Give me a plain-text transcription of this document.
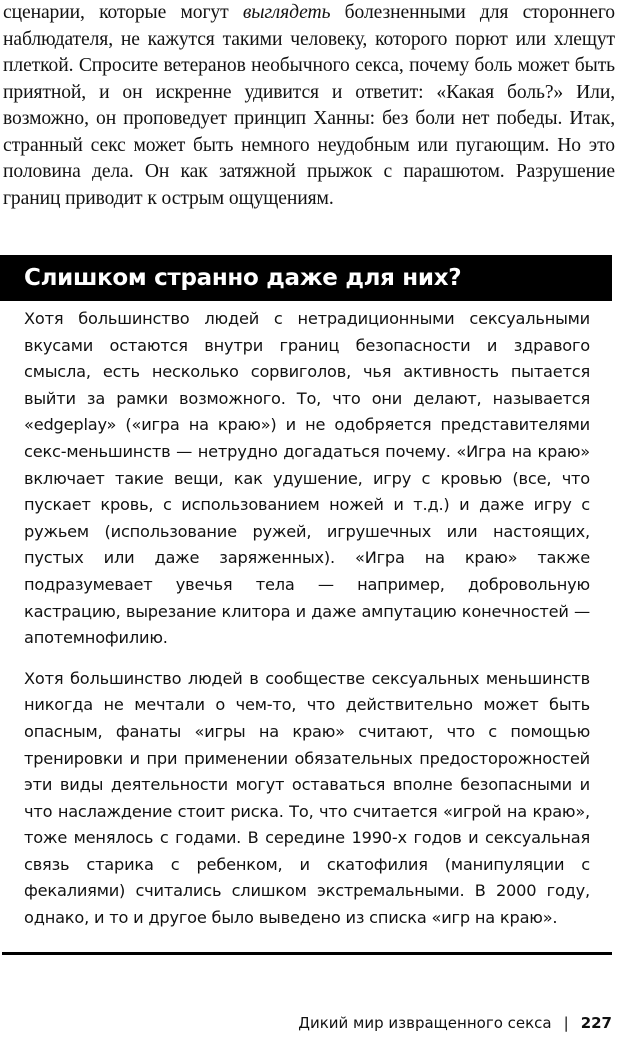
сценарии, которые могут выглядеть болезненными для стороннего наблюдателя, не кажутся такими человеку, которого порют или хлещут плеткой. Спросите ветеранов необычного секса, почему боль может быть приятной, и он искренне удивится и ответит: «Какая боль?» Или, возможно, он проповедует принцип Ханны: без боли нет победы. Итак, странный секс может быть немного неудобным или пугающим. Но это половина дела. Он как затяжной прыжок с парашютом. Разрушение границ приводит к острым ощущениям.

Слишком странно даже для них?

Хотя большинство людей с нетрадиционными сексуальными вкусами остаются внутри границ безопасности и здравого смысла, есть несколько сорвиголов, чья активность пытается выйти за рамки возможного. То, что они делают, называется «edgeplay» («игра на краю») и не одобряется представителями секс-меньшинств — нетрудно догадаться почему. «Игра на краю» включает такие вещи, как удушение, игру с кровью (все, что пускает кровь, с использованием ножей и т.д.) и даже игру с ружьем (использование ружей, игрушечных или настоящих, пустых или даже заряженных). «Игра на краю» также подразумевает увечья тела — например, добровольную кастрацию, вырезание клитора и даже ампутацию конечностей — апотемнофилию.

Хотя большинство людей в сообществе сексуальных меньшинств никогда не мечтали о чем-то, что действительно может быть опасным, фанаты «игры на краю» считают, что с помощью тренировки и при применении обязательных предосторожностей эти виды деятельности могут оставаться вполне безопасными и что наслаждение стоит риска. То, что считается «игрой на краю», тоже менялось с годами. В середине 1990-х годов и сексуальная связь старика с ребенком, и скатофилия (манипуляции с фекалиями) считались слишком экстремальными. В 2000 году, однако, и то и другое было выведено из списка «игр на краю».

Дикий мир извращенного секса | 227
